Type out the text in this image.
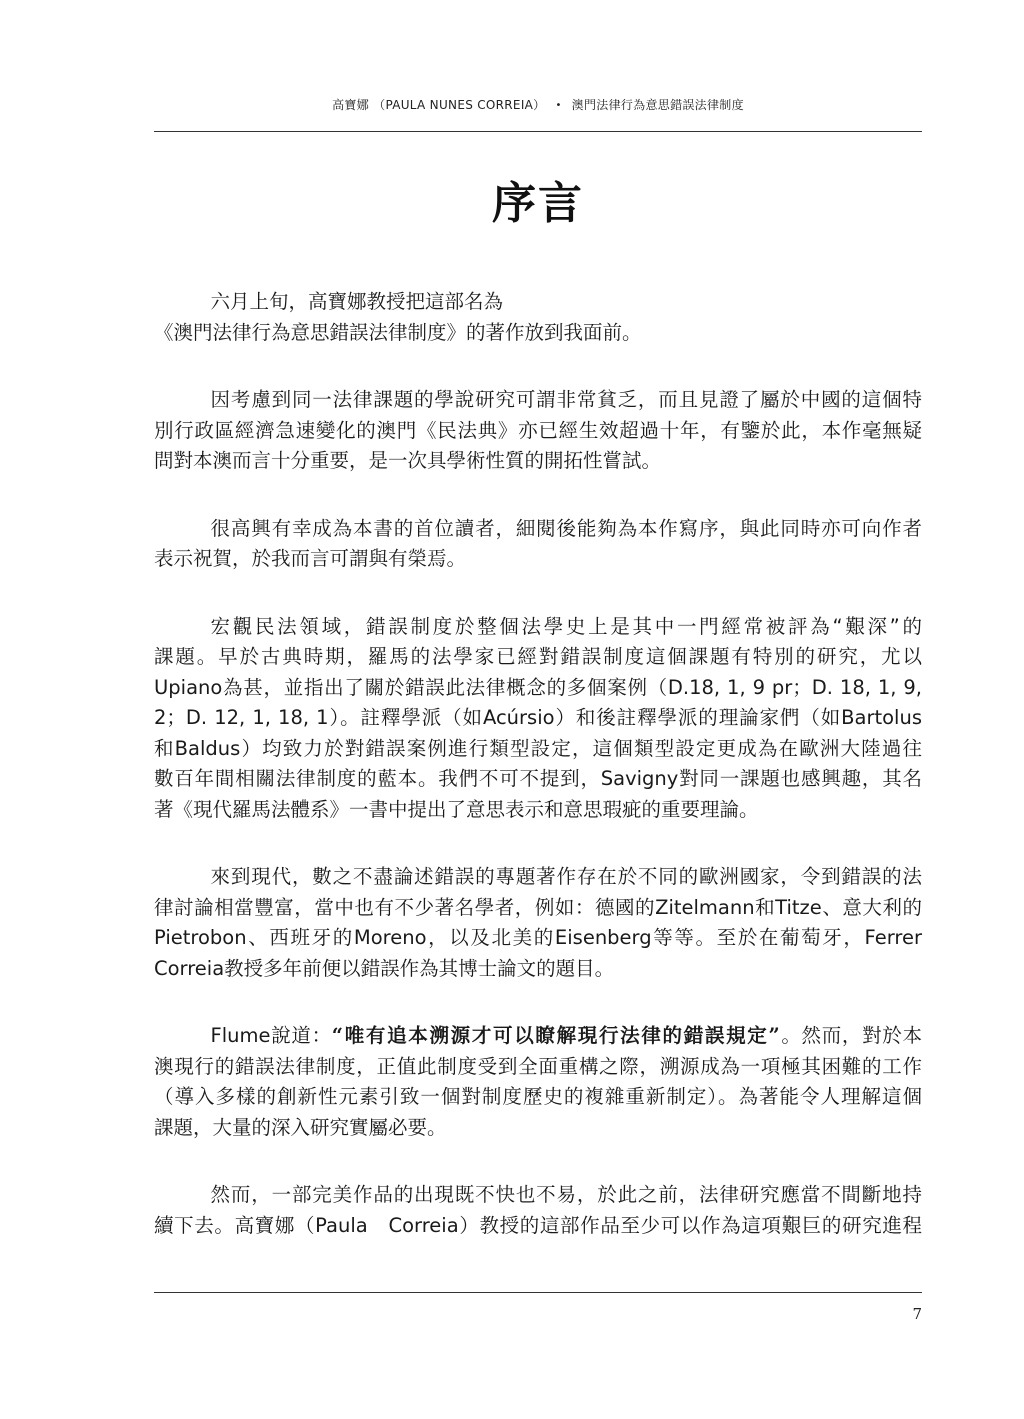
高寶娜 （PAULA NUNES CORREIA） • 澳門法律行為意思錯誤法律制度
序言

六月上旬，高寶娜教授把這部名為
《澳門法律行為意思錯誤法律制度》的著作放到我面前。

因考慮到同一法律課題的學說研究可謂非常貧乏，而且見證了屬於中國的這個特
別行政區經濟急速變化的澳門《民法典》亦已經生效超過十年，有鑒於此，本作毫無疑
問對本澳而言十分重要，是一次具學術性質的開拓性嘗試。

很高興有幸成為本書的首位讀者，細閱後能夠為本作寫序，與此同時亦可向作者
表示祝賀，於我而言可謂與有榮焉。

宏觀民法領域，錯誤制度於整個法學史上是其中一門經常被評為“艱深”的
課題。早於古典時期，羅馬的法學家已經對錯誤制度這個課題有特別的研究，尤以
Upiano為甚，並指出了關於錯誤此法律概念的多個案例（D.18, 1, 9 pr；D. 18, 1, 9,
2；D. 12, 1, 18, 1）。註釋學派（如Acúrsio）和後註釋學派的理論家們（如Bartolus
和Baldus）均致力於對錯誤案例進行類型設定，這個類型設定更成為在歐洲大陸過往
數百年間相關法律制度的藍本。我們不可不提到，Savigny對同一課題也感興趣，其名
著《現代羅馬法體系》一書中提出了意思表示和意思瑕疵的重要理論。

來到現代，數之不盡論述錯誤的專題著作存在於不同的歐洲國家，令到錯誤的法
律討論相當豐富，當中也有不少著名學者，例如：德國的Zitelmann和Titze、意大利的
Pietrobon、西班牙的Moreno，以及北美的Eisenberg等等。至於在葡萄牙，Ferrer
Correia教授多年前便以錯誤作為其博士論文的題目。

Flume說道：“唯有追本溯源才可以瞭解現行法律的錯誤規定”。然而，對於本
澳現行的錯誤法律制度，正值此制度受到全面重構之際，溯源成為一項極其困難的工作
（導入多樣的創新性元素引致一個對制度歷史的複雜重新制定）。為著能令人理解這個
課題，大量的深入研究實屬必要。

然而，一部完美作品的出現既不快也不易，於此之前，法律研究應當不間斷地持
續下去。高寶娜（Paula　Correia）教授的這部作品至少可以作為這項艱巨的研究進程

7
